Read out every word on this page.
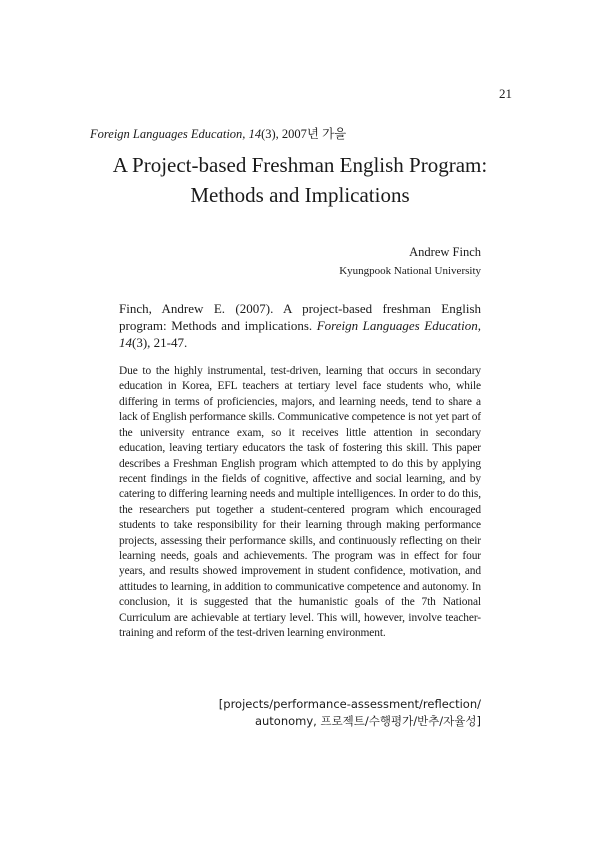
21
Foreign Languages Education, 14(3), 2007년 가을
A Project-based Freshman English Program:
Methods and Implications
Andrew Finch
Kyungpook National University
Finch, Andrew E. (2007). A project-based freshman English program: Methods and implications. Foreign Languages Education, 14(3), 21-47.
Due to the highly instrumental, test-driven, learning that occurs in secondary education in Korea, EFL teachers at tertiary level face students who, while differing in terms of proficiencies, majors, and learning needs, tend to share a lack of English performance skills. Communicative competence is not yet part of the university entrance exam, so it receives little attention in secondary education, leaving tertiary educators the task of fostering this skill. This paper describes a Freshman English program which attempted to do this by applying recent findings in the fields of cognitive, affective and social learning, and by catering to differing learning needs and multiple intelligences. In order to do this, the researchers put together a student-centered program which encouraged students to take responsibility for their learning through making performance projects, assessing their performance skills, and continuously reflecting on their learning needs, goals and achievements. The program was in effect for four years, and results showed improvement in student confidence, motivation, and attitudes to learning, in addition to communicative competence and autonomy. In conclusion, it is suggested that the humanistic goals of the 7th National Curriculum are achievable at tertiary level. This will, however, involve teacher-training and reform of the test-driven learning environment.
[projects/performance-assessment/reflection/
autonomy, 프로젝트/수행평가/반추/자율성]
